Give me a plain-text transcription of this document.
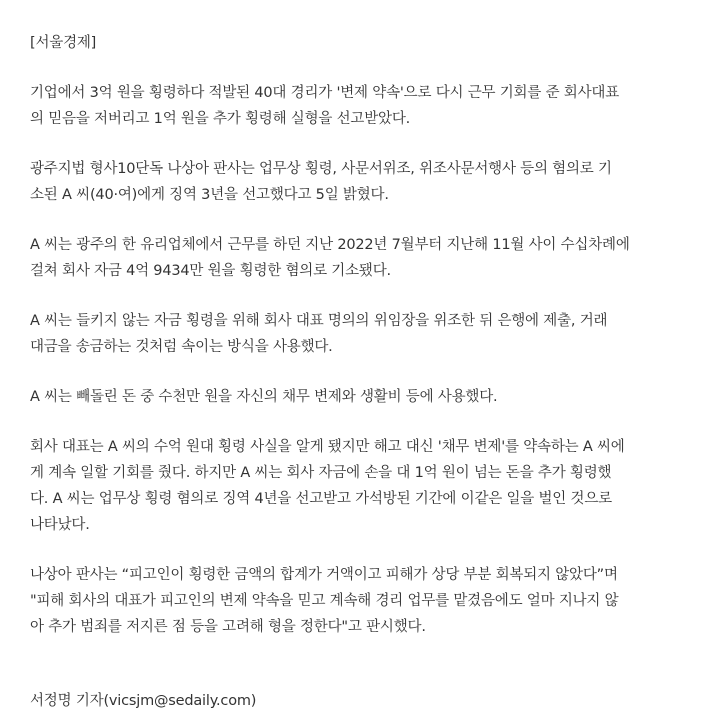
[서울경제]
기업에서 3억 원을 횡령하다 적발된 40대 경리가 '변제 약속'으로 다시 근무 기회를 준 회사대표
의 믿음을 저버리고 1억 원을 추가 횡령해 실형을 선고받았다.
광주지법 형사10단독 나상아 판사는 업무상 횡령, 사문서위조, 위조사문서행사 등의 혐의로 기
소된 A 씨(40·여)에게 징역 3년을 선고했다고 5일 밝혔다.
A 씨는 광주의 한 유리업체에서 근무를 하던 지난 2022년 7월부터 지난해 11월 사이 수십차례에
걸쳐 회사 자금 4억 9434만 원을 횡령한 혐의로 기소됐다.
A 씨는 들키지 않는 자금 횡령을 위해 회사 대표 명의의 위임장을 위조한 뒤 은행에 제출, 거래
대금을 송금하는 것처럼 속이는 방식을 사용했다.
A 씨는 빼돌린 돈 중 수천만 원을 자신의 채무 변제와 생활비 등에 사용했다.
회사 대표는 A 씨의 수억 원대 횡령 사실을 알게 됐지만 해고 대신 '채무 변제'를 약속하는 A 씨에
게 계속 일할 기회를 줬다. 하지만 A 씨는 회사 자금에 손을 대 1억 원이 넘는 돈을 추가 횡령했
다. A 씨는 업무상 횡령 혐의로 징역 4년을 선고받고 가석방된 기간에 이같은 일을 벌인 것으로
나타났다.
나상아 판사는 “피고인이 횡령한 금액의 합계가 거액이고 피해가 상당 부분 회복되지 않았다”며
"피해 회사의 대표가 피고인의 변제 약속을 믿고 계속해 경리 업무를 맡겼음에도 얼마 지나지 않
아 추가 범죄를 저지른 점 등을 고려해 형을 정한다"고 판시했다.
서정명 기자(vicsjm@sedaily.com)
